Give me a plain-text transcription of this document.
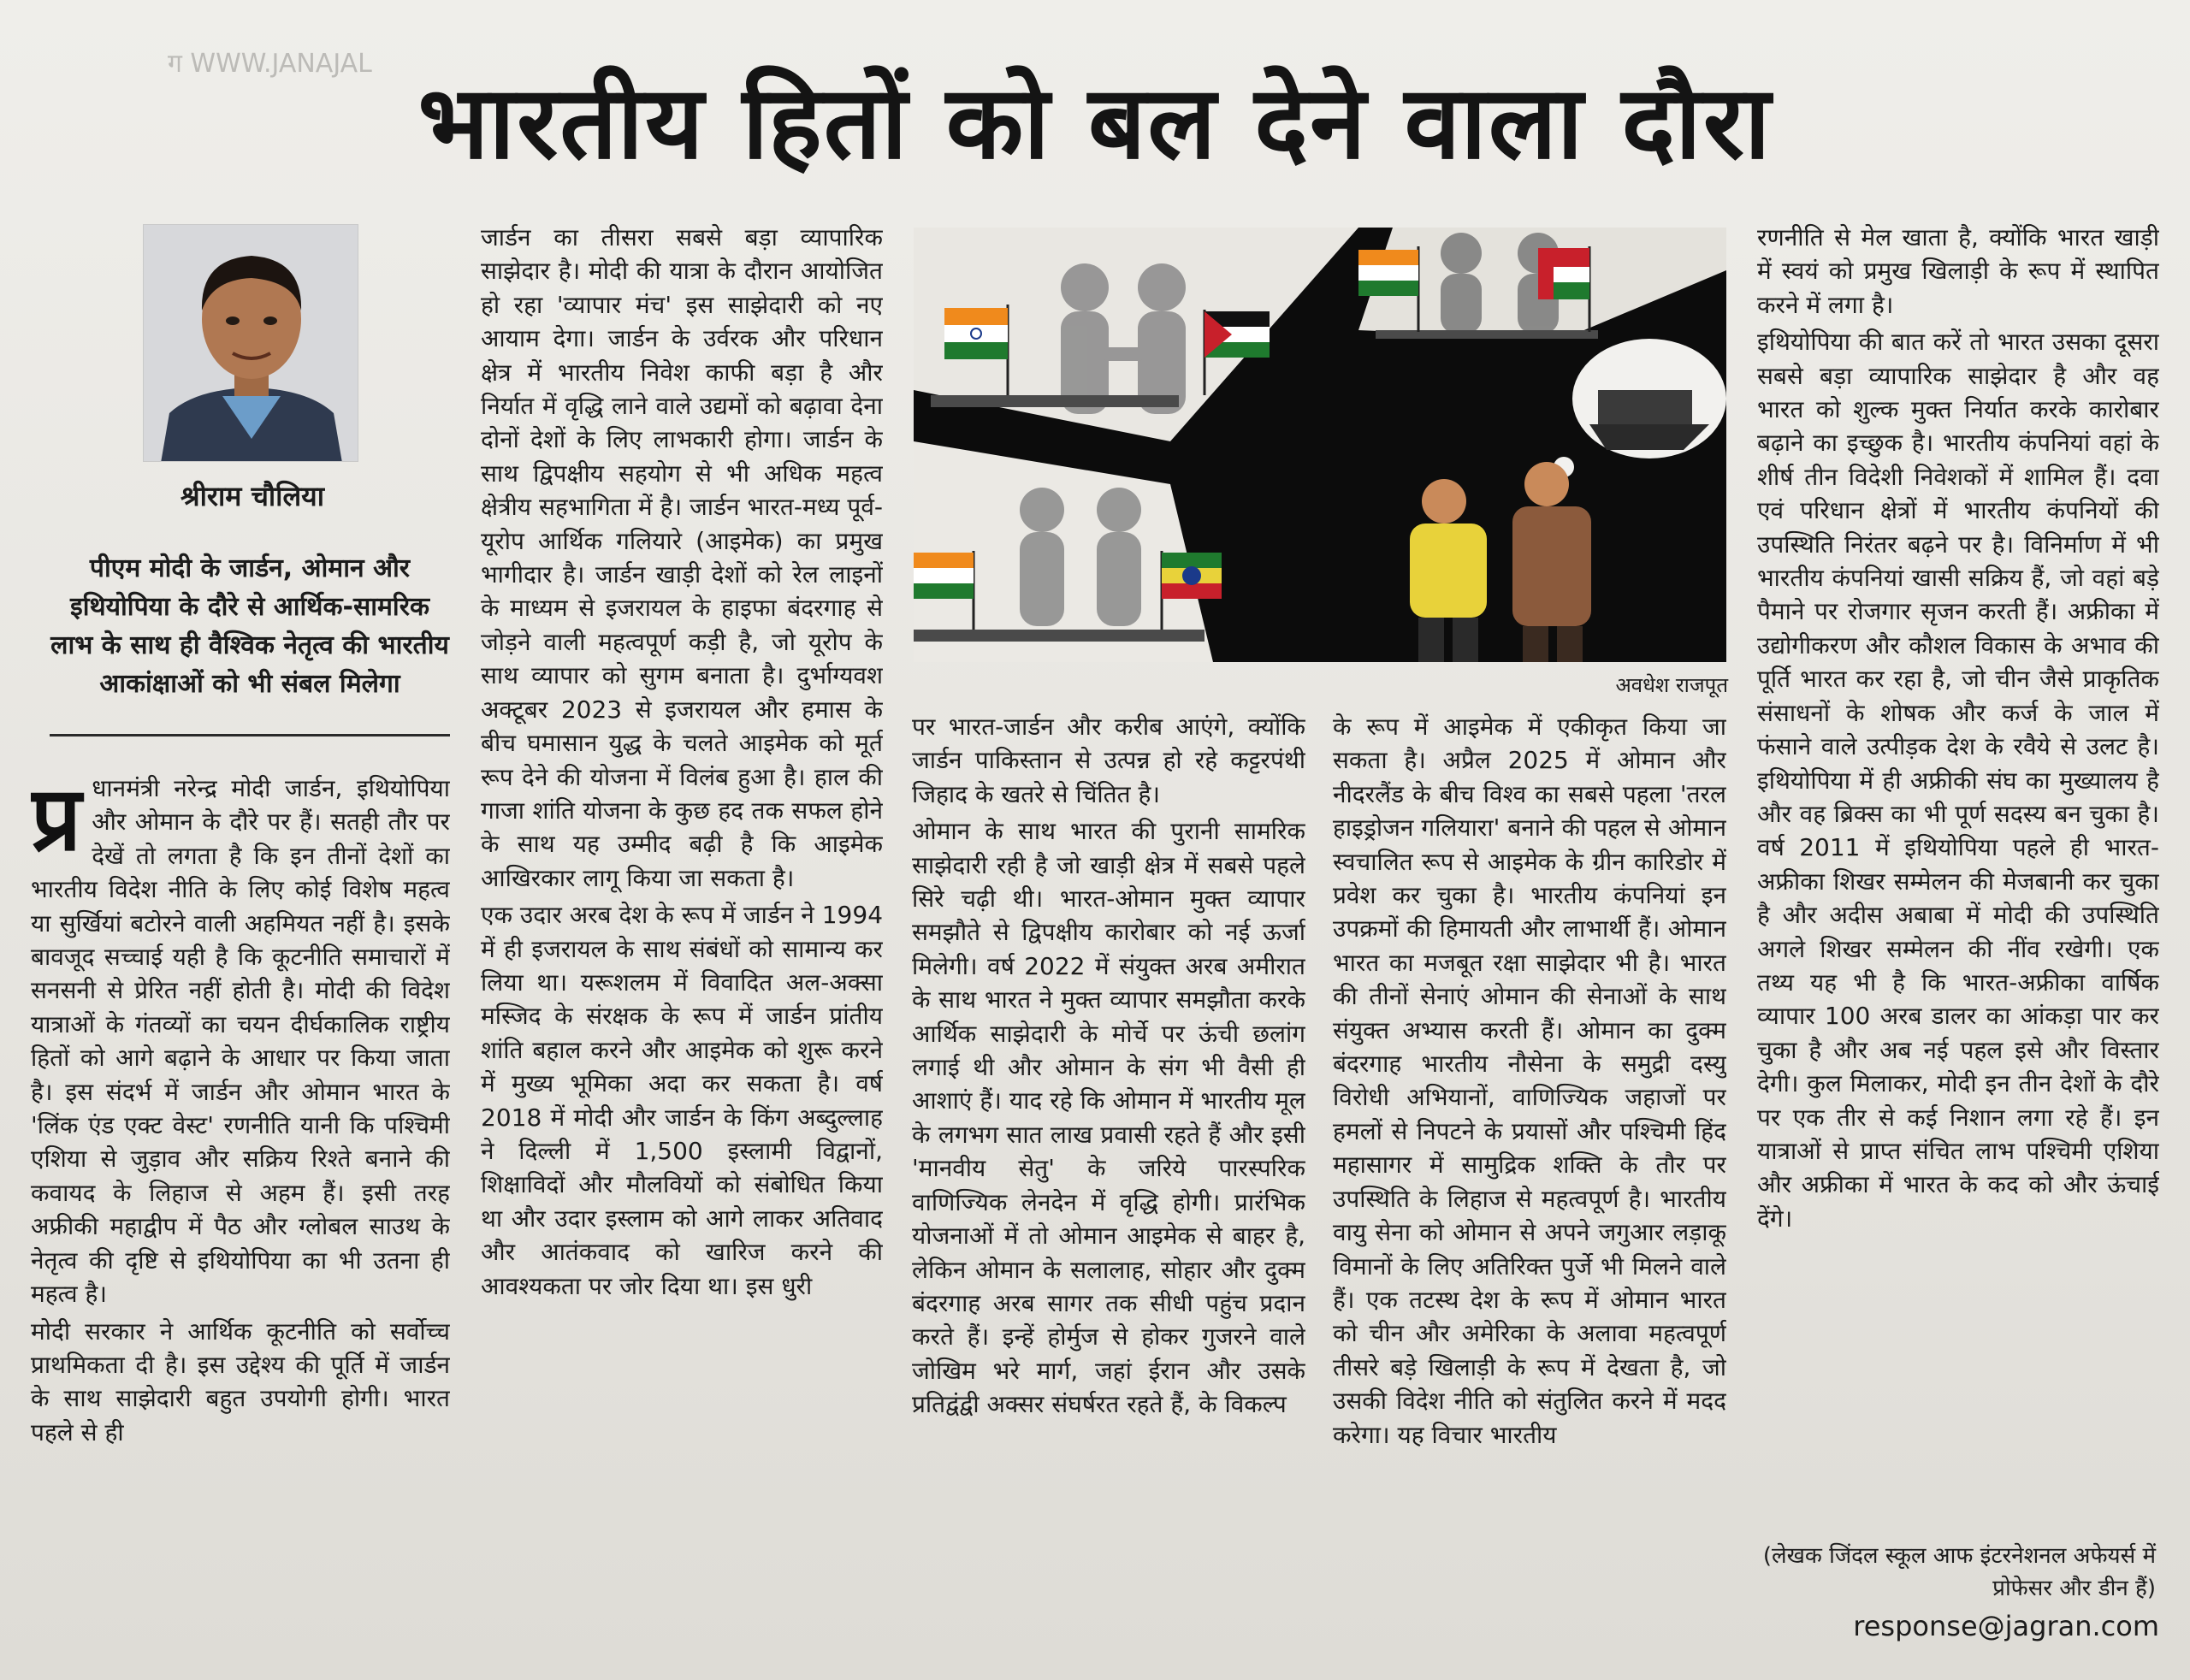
ग WWW.JANAJAL भारतीय हितों को बल देने वाला दौरा
श्रीराम चौलिया
पीएम मोदी के जार्डन, ओमान और इथियोपिया के दौरे से आर्थिक-सामरिक लाभ के साथ ही वैश्विक नेतृत्व की भारतीय आकांक्षाओं को भी संबल मिलेगा

प्र धानमंत्री नरेन्द्र मोदी जार्डन, इथियोपिया और ओमान के दौरे पर हैं। सतही तौर पर देखें तो लगता है कि इन तीनों देशों का भारतीय विदेश नीति के लिए कोई विशेष महत्व या सुर्खियां बटोरने वाली अहमियत नहीं है। इसके बावजूद सच्चाई यही है कि कूटनीति समाचारों में सनसनी से प्रेरित नहीं होती है। मोदी की विदेश यात्राओं के गंतव्यों का चयन दीर्घकालिक राष्ट्रीय हितों को आगे बढ़ाने के आधार पर किया जाता है। इस संदर्भ में जार्डन और ओमान भारत के 'लिंक एंड एक्ट वेस्ट' रणनीति यानी कि पश्चिमी एशिया से जुड़ाव और सक्रिय रिश्ते बनाने की कवायद के लिहाज से अहम हैं। इसी तरह अफ्रीकी महाद्वीप में पैठ और ग्लोबल साउथ के नेतृत्व की दृष्टि से इथियोपिया का भी उतना ही महत्व है।

मोदी सरकार ने आर्थिक कूटनीति को सर्वोच्च प्राथमिकता दी है। इस उद्देश्य की पूर्ति में जार्डन के साथ साझेदारी बहुत उपयोगी होगी। भारत पहले से ही

जार्डन का तीसरा सबसे बड़ा व्यापारिक साझेदार है। मोदी की यात्रा के दौरान आयोजित हो रहा 'व्यापार मंच' इस साझेदारी को नए आयाम देगा। जार्डन के उर्वरक और परिधान क्षेत्र में भारतीय निवेश काफी बड़ा है और निर्यात में वृद्धि लाने वाले उद्यमों को बढ़ावा देना दोनों देशों के लिए लाभकारी होगा। जार्डन के साथ द्विपक्षीय सहयोग से भी अधिक महत्व क्षेत्रीय सहभागिता में है। जार्डन भारत-मध्य पूर्व-यूरोप आर्थिक गलियारे (आइमेक) का प्रमुख भागीदार है। जार्डन खाड़ी देशों को रेल लाइनों के माध्यम से इजरायल के हाइफा बंदरगाह से जोड़ने वाली महत्वपूर्ण कड़ी है, जो यूरोप के साथ व्यापार को सुगम बनाता है। दुर्भाग्यवश अक्टूबर 2023 से इजरायल और हमास के बीच घमासान युद्ध के चलते आइमेक को मूर्त रूप देने की योजना में विलंब हुआ है। हाल की गाजा शांति योजना के कुछ हद तक सफल होने के साथ यह उम्मीद बढ़ी है कि आइमेक आखिरकार लागू किया जा सकता है।

एक उदार अरब देश के रूप में जार्डन ने 1994 में ही इजरायल के साथ संबंधों को सामान्य कर लिया था। यरूशलम में विवादित अल-अक्सा मस्जिद के संरक्षक के रूप में जार्डन प्रांतीय शांति बहाल करने और आइमेक को शुरू करने में मुख्य भूमिका अदा कर सकता है। वर्ष 2018 में मोदी और जार्डन के किंग अब्दुल्लाह ने दिल्ली में 1,500 इस्लामी विद्वानों, शिक्षाविदों और मौलवियों को संबोधित किया था और उदार इस्लाम को आगे लाकर अतिवाद और आतंकवाद को खारिज करने की आवश्यकता पर जोर दिया था। इस धुरी

अवधेश राजपूत

पर भारत-जार्डन और करीब आएंगे, क्योंकि जार्डन पाकिस्तान से उत्पन्न हो रहे कट्टरपंथी जिहाद के खतरे से चिंतित है।

ओमान के साथ भारत की पुरानी सामरिक साझेदारी रही है जो खाड़ी क्षेत्र में सबसे पहले सिरे चढ़ी थी। भारत-ओमान मुक्त व्यापार समझौते से द्विपक्षीय कारोबार को नई ऊर्जा मिलेगी। वर्ष 2022 में संयुक्त अरब अमीरात के साथ भारत ने मुक्त व्यापार समझौता करके आर्थिक साझेदारी के मोर्चे पर ऊंची छलांग लगाई थी और ओमान के संग भी वैसी ही आशाएं हैं। याद रहे कि ओमान में भारतीय मूल के लगभग सात लाख प्रवासी रहते हैं और इसी 'मानवीय सेतु' के जरिये पारस्परिक वाणिज्यिक लेनदेन में वृद्धि होगी। प्रारंभिक योजनाओं में तो ओमान आइमेक से बाहर है, लेकिन ओमान के सलालाह, सोहार और दुक्म बंदरगाह अरब सागर तक सीधी पहुंच प्रदान करते हैं। इन्हें होर्मुज से होकर गुजरने वाले जोखिम भरे मार्ग, जहां ईरान और उसके प्रतिद्वंद्वी अक्सर संघर्षरत रहते हैं, के विकल्प

के रूप में आइमेक में एकीकृत किया जा सकता है। अप्रैल 2025 में ओमान और नीदरलैंड के बीच विश्व का सबसे पहला 'तरल हाइड्रोजन गलियारा' बनाने की पहल से ओमान स्वचालित रूप से आइमेक के ग्रीन कारिडोर में प्रवेश कर चुका है। भारतीय कंपनियां इन उपक्रमों की हिमायती और लाभार्थी हैं। ओमान भारत का मजबूत रक्षा साझेदार भी है। भारत की तीनों सेनाएं ओमान की सेनाओं के साथ संयुक्त अभ्यास करती हैं। ओमान का दुक्म बंदरगाह भारतीय नौसेना के समुद्री दस्यु विरोधी अभियानों, वाणिज्यिक जहाजों पर हमलों से निपटने के प्रयासों और पश्चिमी हिंद महासागर में सामुद्रिक शक्ति के तौर पर उपस्थिति के लिहाज से महत्वपूर्ण है। भारतीय वायु सेना को ओमान से अपने जगुआर लड़ाकू विमानों के लिए अतिरिक्त पुर्जे भी मिलने वाले हैं। एक तटस्थ देश के रूप में ओमान भारत को चीन और अमेरिका के अलावा महत्वपूर्ण तीसरे बड़े खिलाड़ी के रूप में देखता है, जो उसकी विदेश नीति को संतुलित करने में मदद करेगा। यह विचार भारतीय

रणनीति से मेल खाता है, क्योंकि भारत खाड़ी में स्वयं को प्रमुख खिलाड़ी के रूप में स्थापित करने में लगा है।

इथियोपिया की बात करें तो भारत उसका दूसरा सबसे बड़ा व्यापारिक साझेदार है और वह भारत को शुल्क मुक्त निर्यात करके कारोबार बढ़ाने का इच्छुक है। भारतीय कंपनियां वहां के शीर्ष तीन विदेशी निवेशकों में शामिल हैं। दवा एवं परिधान क्षेत्रों में भारतीय कंपनियों की उपस्थिति निरंतर बढ़ने पर है। विनिर्माण में भी भारतीय कंपनियां खासी सक्रिय हैं, जो वहां बड़े पैमाने पर रोजगार सृजन करती हैं। अफ्रीका में उद्योगीकरण और कौशल विकास के अभाव की पूर्ति भारत कर रहा है, जो चीन जैसे प्राकृतिक संसाधनों के शोषक और कर्ज के जाल में फंसाने वाले उत्पीड़क देश के रवैये से उलट है। इथियोपिया में ही अफ्रीकी संघ का मुख्यालय है और वह ब्रिक्स का भी पूर्ण सदस्य बन चुका है। वर्ष 2011 में इथियोपिया पहले ही भारत-अफ्रीका शिखर सम्मेलन की मेजबानी कर चुका है और अदीस अबाबा में मोदी की उपस्थिति अगले शिखर सम्मेलन की नींव रखेगी। एक तथ्य यह भी है कि भारत-अफ्रीका वार्षिक व्यापार 100 अरब डालर का आंकड़ा पार कर चुका है और अब नई पहल इसे और विस्तार देगी। कुल मिलाकर, मोदी इन तीन देशों के दौरे पर एक तीर से कई निशान लगा रहे हैं। इन यात्राओं से प्राप्त संचित लाभ पश्चिमी एशिया और अफ्रीका में भारत के कद को और ऊंचाई देंगे।

(लेखक जिंदल स्कूल आफ इंटरनेशनल अफेयर्स में प्रोफेसर और डीन हैं)
response@jagran.com
